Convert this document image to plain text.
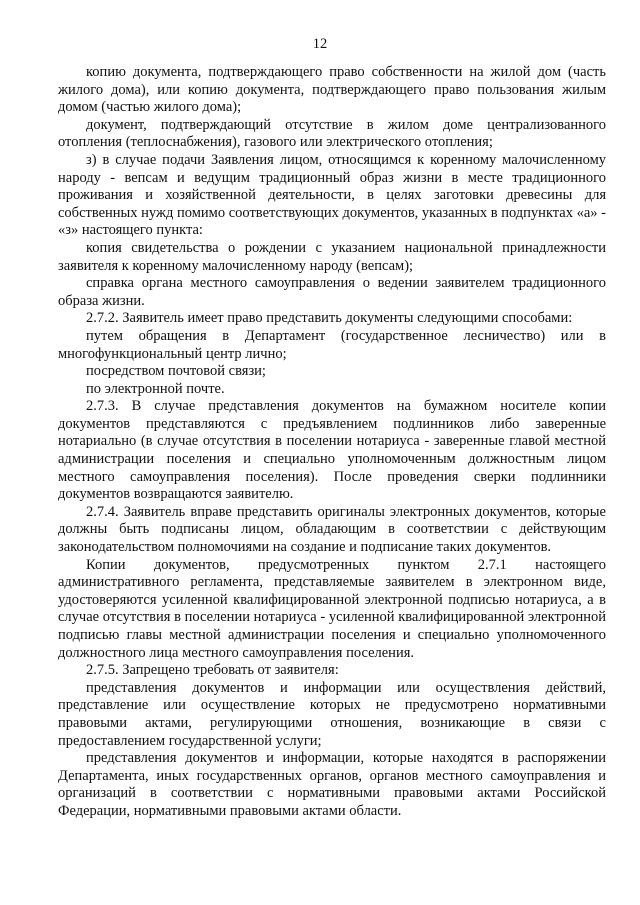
12

копию документа, подтверждающего право собственности на жилой дом (часть жилого дома), или копию документа, подтверждающего право пользования жилым домом (частью жилого дома);

документ, подтверждающий отсутствие в жилом доме централизованного отопления (теплоснабжения), газового или электрического отопления;

з) в случае подачи Заявления лицом, относящимся к коренному малочисленному народу - вепсам и ведущим традиционный образ жизни в месте традиционного проживания и хозяйственной деятельности, в целях заготовки древесины для собственных нужд помимо соответствующих документов, указанных в подпунктах «а» - «з» настоящего пункта:

копия свидетельства о рождении с указанием национальной принадлежности заявителя к коренному малочисленному народу (вепсам);

справка органа местного самоуправления о ведении заявителем традиционного образа жизни.

2.7.2. Заявитель имеет право представить документы следующими способами:

путем обращения в Департамент (государственное лесничество) или в многофункциональный центр лично;

посредством почтовой связи;

по электронной почте.

2.7.3. В случае представления документов на бумажном носителе копии документов представляются с предъявлением подлинников либо заверенные нотариально (в случае отсутствия в поселении нотариуса - заверенные главой местной администрации поселения и специально уполномоченным должностным лицом местного самоуправления поселения). После проведения сверки подлинники документов возвращаются заявителю.

2.7.4. Заявитель вправе представить оригиналы электронных документов, которые должны быть подписаны лицом, обладающим в соответствии с действующим законодательством полномочиями на создание и подписание таких документов.

Копии документов, предусмотренных пунктом 2.7.1 настоящего административного регламента, представляемые заявителем в электронном виде, удостоверяются усиленной квалифицированной электронной подписью нотариуса, а в случае отсутствия в поселении нотариуса - усиленной квалифицированной электронной подписью главы местной администрации поселения и специально уполномоченного должностного лица местного самоуправления поселения.

2.7.5. Запрещено требовать от заявителя:

представления документов и информации или осуществления действий, представление или осуществление которых не предусмотрено нормативными правовыми актами, регулирующими отношения, возникающие в связи с предоставлением государственной услуги;

представления документов и информации, которые находятся в распоряжении Департамента, иных государственных органов, органов местного самоуправления и организаций в соответствии с нормативными правовыми актами Российской Федерации, нормативными правовыми актами области.
